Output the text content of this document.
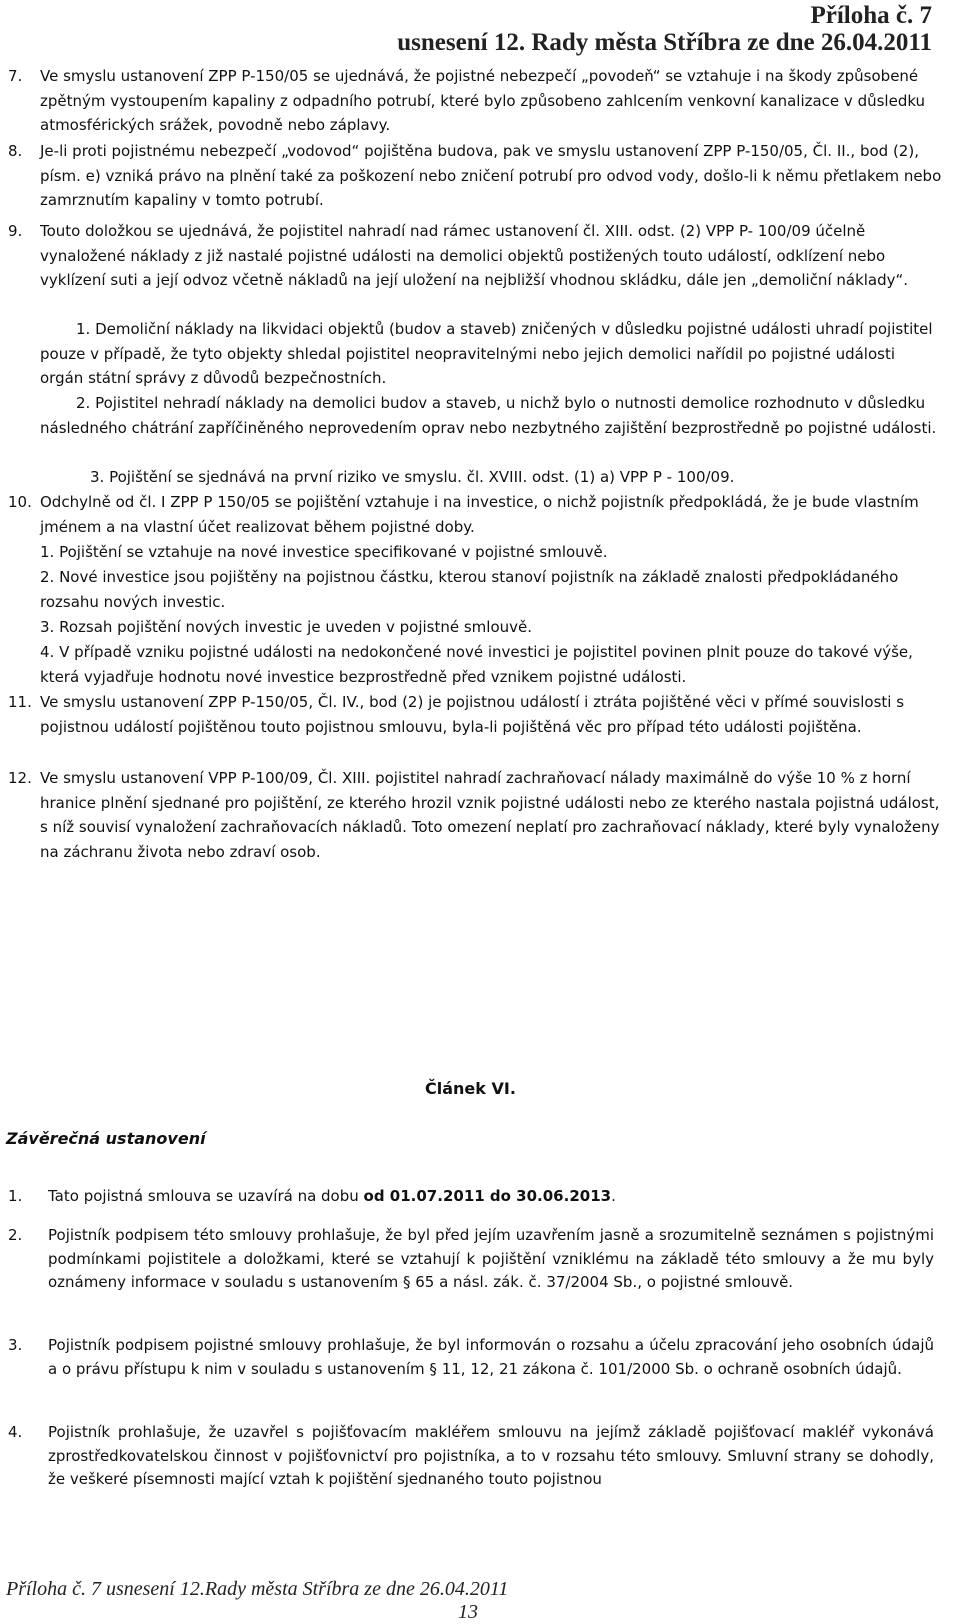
Příloha č. 7
usnesení 12. Rady města Stříbra ze dne 26.04.2011
7. Ve smyslu ustanovení ZPP P-150/05 se ujednává, že pojistné nebezpečí „povodeň“ se vztahuje i na škody způsobené zpětným vystoupením kapaliny z odpadního potrubí, které bylo způsobeno zahlcením venkovní kanalizace v důsledku atmosférických srážek, povodně nebo záplavy.
8. Je-li proti pojistnému nebezpečí „vodovod“ pojištěna budova, pak ve smyslu ustanovení ZPP P-150/05, Čl. II., bod (2), písm. e) vzniká právo na plnění také za poškození nebo zničení potrubí pro odvod vody, došlo-li k němu přetlakem nebo zamrznutím kapaliny v tomto potrubí.
9. Touto doložkou se ujednává, že pojistitel nahradí nad rámec ustanovení čl. XIII. odst. (2) VPP P- 100/09 účelně vynaložené náklady z již nastalé pojistné události na demolici objektů postižených touto událostí, odklízení nebo vyklízení suti a její odvoz včetně nákladů na její uložení na nejbližší vhodnou skládku, dále jen „demoliční náklady“.
1. Demoliční náklady na likvidaci objektů (budov a staveb) zničených v důsledku pojistné události uhradí pojistitel pouze v případě, že tyto objekty shledal pojistitel neopravitelnými nebo jejich demolici nařídil po pojistné události orgán státní správy z důvodů bezpečnostních.
2. Pojistitel nehradí náklady na demolici budov a staveb, u nichž bylo o nutnosti demolice rozhodnuto v důsledku následného chátrání zapříčiněného neprovedením oprav nebo nezbytného zajištění bezprostředně po pojistné události.
3. Pojištění se sjednává na první riziko ve smyslu. čl. XVIII. odst. (1) a) VPP P - 100/09.
10. Odchylně od čl. I ZPP P 150/05 se pojištění vztahuje i na investice, o nichž pojistník předpokládá, že je bude vlastním jménem a na vlastní účet realizovat během pojistné doby.
1. Pojištění se vztahuje na nové investice specifikované v pojistné smlouvě.
2. Nové investice jsou pojištěny na pojistnou částku, kterou stanoví pojistník na základě znalosti předpokládaného rozsahu nových investic.
3. Rozsah pojištění nových investic je uveden v pojistné smlouvě.
4. V případě vzniku pojistné události na nedokončené nové investici je pojistitel povinen plnit pouze do takové výše, která vyjadřuje hodnotu nové investice bezprostředně před vznikem pojistné události.
11. Ve smyslu ustanovení ZPP P-150/05, Čl. IV., bod (2) je pojistnou událostí i ztráta pojištěné věci v přímé souvislosti s pojistnou událostí pojištěnou touto pojistnou smlouvu, byla-li pojištěná věc pro případ této události pojištěna.
12. Ve smyslu ustanovení VPP P-100/09, Čl. XIII. pojistitel nahradí zachraňovací nálady maximálně do výše 10 % z horní hranice plnění sjednané pro pojištění, ze kterého hrozil vznik pojistné události nebo ze kterého nastala pojistná událost, s níž souvisí vynaložení zachraňovacích nákladů. Toto omezení neplatí pro zachraňovací náklady, které byly vynaloženy na záchranu života nebo zdraví osob.
Článek VI.
Závěrečná ustanovení
1. Tato pojistná smlouva se uzavírá na dobu od 01.07.2011 do 30.06.2013.
2. Pojistník podpisem této smlouvy prohlašuje, že byl před jejím uzavřením jasně a srozumitelně seznámen s pojistnými podmínkami pojistitele a doložkami, které se vztahují k pojištění vzniklému na základě této smlouvy a že mu byly oznámeny informace v souladu s ustanovením § 65 a násl. zák. č. 37/2004 Sb., o pojistné smlouvě.
3. Pojistník podpisem pojistné smlouvy prohlašuje, že byl informován o rozsahu a účelu zpracování jeho osobních údajů a o právu přístupu k nim v souladu s ustanovením § 11, 12, 21 zákona č. 101/2000 Sb. o ochraně osobních údajů.
4. Pojistník prohlašuje, že uzavřel s pojišťovacím makléřem smlouvu na jejímž základě pojišťovací makléř vykonává zprostředkovatelskou činnost v pojišťovnictví pro pojistníka, a to v rozsahu této smlouvy. Smluvní strany se dohodly, že veškeré písemnosti mající vztah k pojištění sjednaného touto pojistnou
Příloha č. 7 usnesení 12.Rady města Stříbra ze dne 26.04.2011
13
